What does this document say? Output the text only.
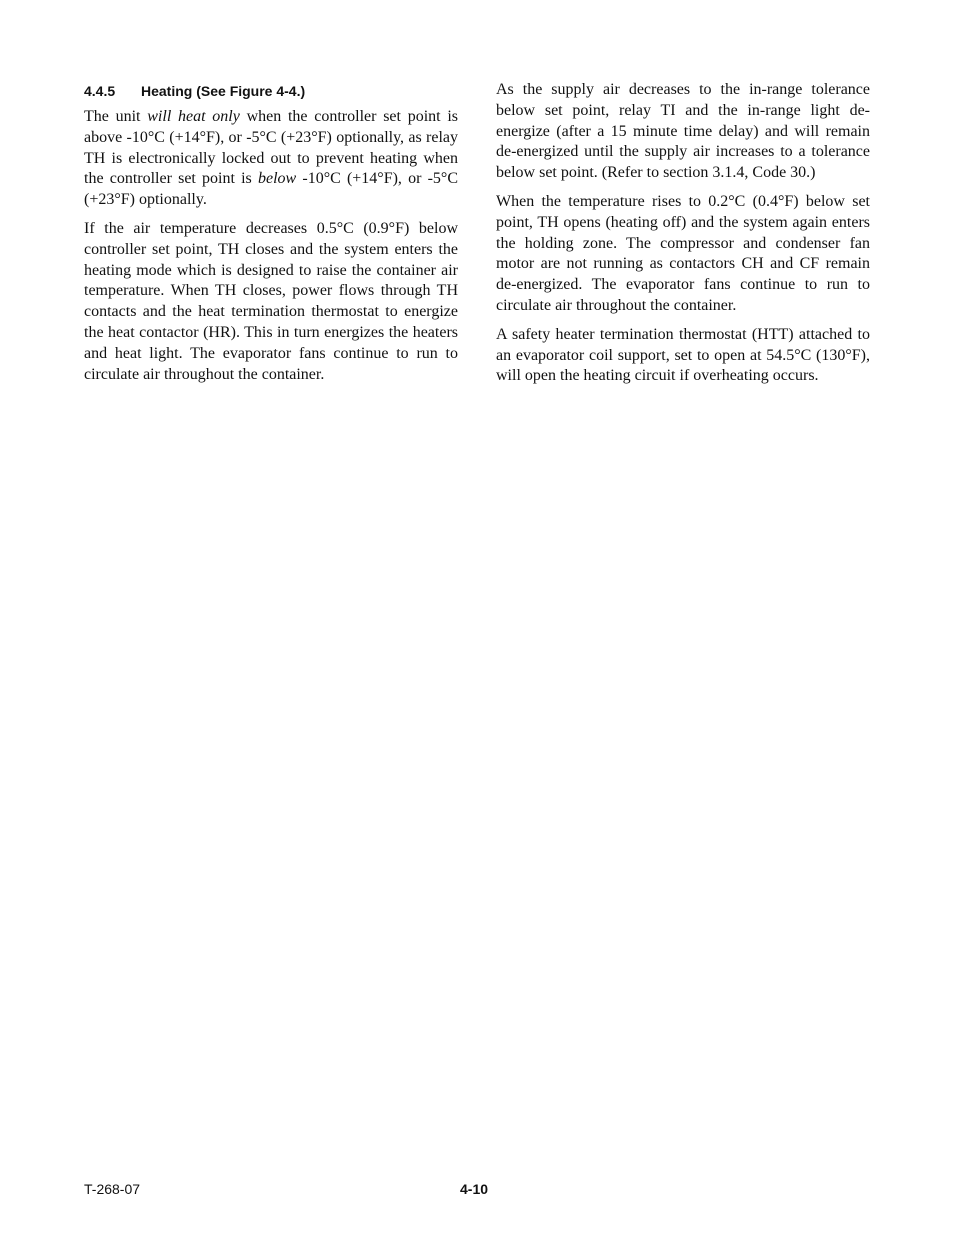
4.4.5 Heating (See Figure 4-4.)

The unit will heat only when the controller set point is above -10°C (+14°F), or -5°C (+23°F) optionally, as relay TH is electronically locked out to prevent heating when the controller set point is below -10°C (+14°F), or -5°C (+23°F) optionally.

If the air temperature decreases 0.5°C (0.9°F) below controller set point, TH closes and the system enters the heating mode which is designed to raise the container air temperature. When TH closes, power flows through TH contacts and the heat termination thermostat to energize the heat contactor (HR). This in turn energizes the heaters and heat light. The evaporator fans continue to run to circulate air throughout the container.

As the supply air decreases to the in-range tolerance below set point, relay TI and the in-range light de-energize (after a 15 minute time delay) and will remain de-energized until the supply air increases to a tolerance below set point. (Refer to section 3.1.4, Code 30.)

When the temperature rises to 0.2°C (0.4°F) below set point, TH opens (heating off) and the system again enters the holding zone. The compressor and condenser fan motor are not running as contactors CH and CF remain de-energized. The evaporator fans continue to run to circulate air throughout the container.

A safety heater termination thermostat (HTT) attached to an evaporator coil support, set to open at 54.5°C (130°F), will open the heating circuit if overheating occurs.

T-268-07	4-10
